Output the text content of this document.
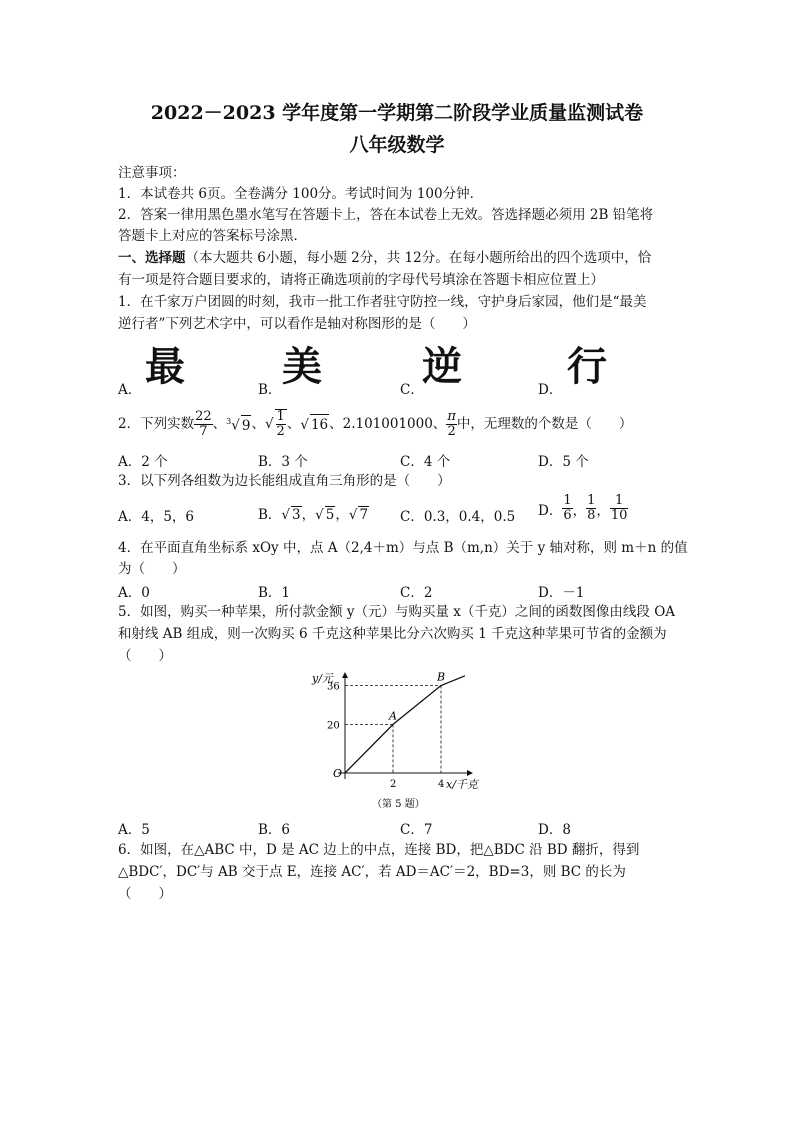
2022－2023 学年度第一学期第二阶段学业质量监测试卷
八年级数学
注意事项：
1．本试卷共 6页。全卷满分 100分。考试时间为 100分钟．
2．答案一律用黑色墨水笔写在答题卡上，答在本试卷上无效。答选择题必须用 2B 铅笔将
答题卡上对应的答案标号涂黑．
一、选择题（本大题共 6小题，每小题 2分，共 12分。在每小题所给出的四个选项中，恰
有一项是符合题目要求的，请将正确选项前的字母代号填涂在答题卡相应位置上）
1．在千家万户团圆的时刻，我市一批工作者驻守防控一线，守护身后家园，他们是“最美
逆行者”下列艺术字中，可以看作是轴对称图形的是（　　）
A． 最	B． 美	C．
逆	D． 行
2．下列实数 $\frac{22}{7}$ 、 $^3$√ 9 、 √ $\frac{1}{2}$ 、 √ 16 、2.101001000、 $\frac{\pi}{2}$ 中，无理数的个数是（　　）
A．2 个	B．3 个	C．4 个	D．5 个
3．以下列各组数为边长能组成直角三角形的是（　　）
A．4，5，6	B．√ 3，√ 5，√ 7 C．0.3，0.4，0.5 D． $\frac{1}{6}$ ， $\frac{1}{8}$ ， $\frac{1}{10}$
4．在平面直角坐标系 xOy 中，点 A（2,4＋m）与点 B（m,n）关于 y 轴对称，则 m＋n 的值
为（　　）
A．0	B．1	C．2	D．－1
5．如图，购买一种苹果，所付款金额 y（元）与购买量 x（千克）之间的函数图像由线段 OA
和射线 AB 组成，则一次购买 6 千克这种苹果比分六次购买 1 千克这种苹果可节省的金额为
（　　）
O
A
B
2	4
20
36
y/元
x/千克
（第 5 题）
A．5	B．6	C．7	D．8
6．如图，在△ABC 中，D 是 AC 边上的中点，连接 BD，把△BDC 沿 BD 翻折，得到
△BDC′，DC′与 AB 交于点 E，连接 AC′，若 AD＝AC′＝2，BD=3，则 BC 的长为
（　　）
